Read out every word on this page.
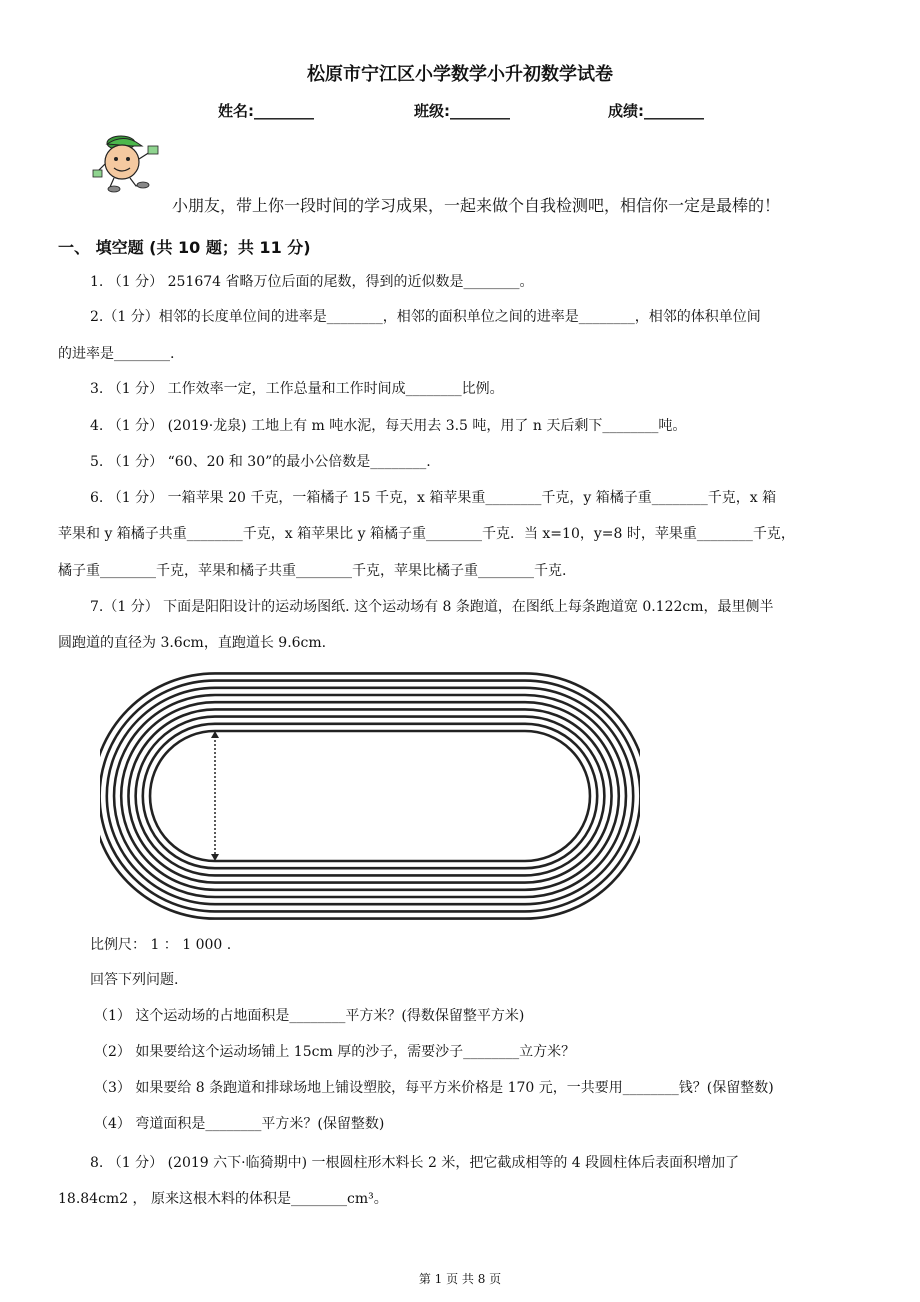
松原市宁江区小学数学小升初数学试卷
姓名:________	班级:________	成绩:________
小朋友，带上你一段时间的学习成果，一起来做个自我检测吧，相信你一定是最棒的！
一、 填空题 (共 10 题；共 11 分)
1. （1 分） 251674 省略万位后面的尾数，得到的近似数是________。
2.（1 分）相邻的长度单位间的进率是________，相邻的面积单位之间的进率是________，相邻的体积单位间
的进率是________.
3. （1 分） 工作效率一定，工作总量和工作时间成________比例。
4. （1 分） (2019·龙泉) 工地上有 m 吨水泥，每天用去 3.5 吨，用了 n 天后剩下________吨。
5. （1 分） “60、20 和 30”的最小公倍数是________.
6. （1 分） 一箱苹果 20 千克，一箱橘子 15 千克，x 箱苹果重________千克，y 箱橘子重________千克，x 箱
苹果和 y 箱橘子共重________千克，x 箱苹果比 y 箱橘子重________千克．当 x=10，y=8 时，苹果重________千克，
橘子重________千克，苹果和橘子共重________千克，苹果比橘子重________千克.
7.（1 分） 下面是阳阳设计的运动场图纸. 这个运动场有 8 条跑道，在图纸上每条跑道宽 0.122cm，最里侧半
圆跑道的直径为 3.6cm，直跑道长 9.6cm.
比例尺： 1 ： 1 000 .
回答下列问题.
（1） 这个运动场的占地面积是________平方米？(得数保留整平方米)
（2） 如果要给这个运动场铺上 15cm 厚的沙子，需要沙子________立方米？
（3） 如果要给 8 条跑道和排球场地上铺设塑胶，每平方米价格是 170 元，一共要用________钱？(保留整数)
（4） 弯道面积是________平方米？(保留整数)
8. （1 分） (2019 六下·临猗期中) 一根圆柱形木料长 2 米，把它截成相等的 4 段圆柱体后表面积增加了
18.84cm2 ， 原来这根木料的体积是________cm³。
第 1 页 共 8 页
